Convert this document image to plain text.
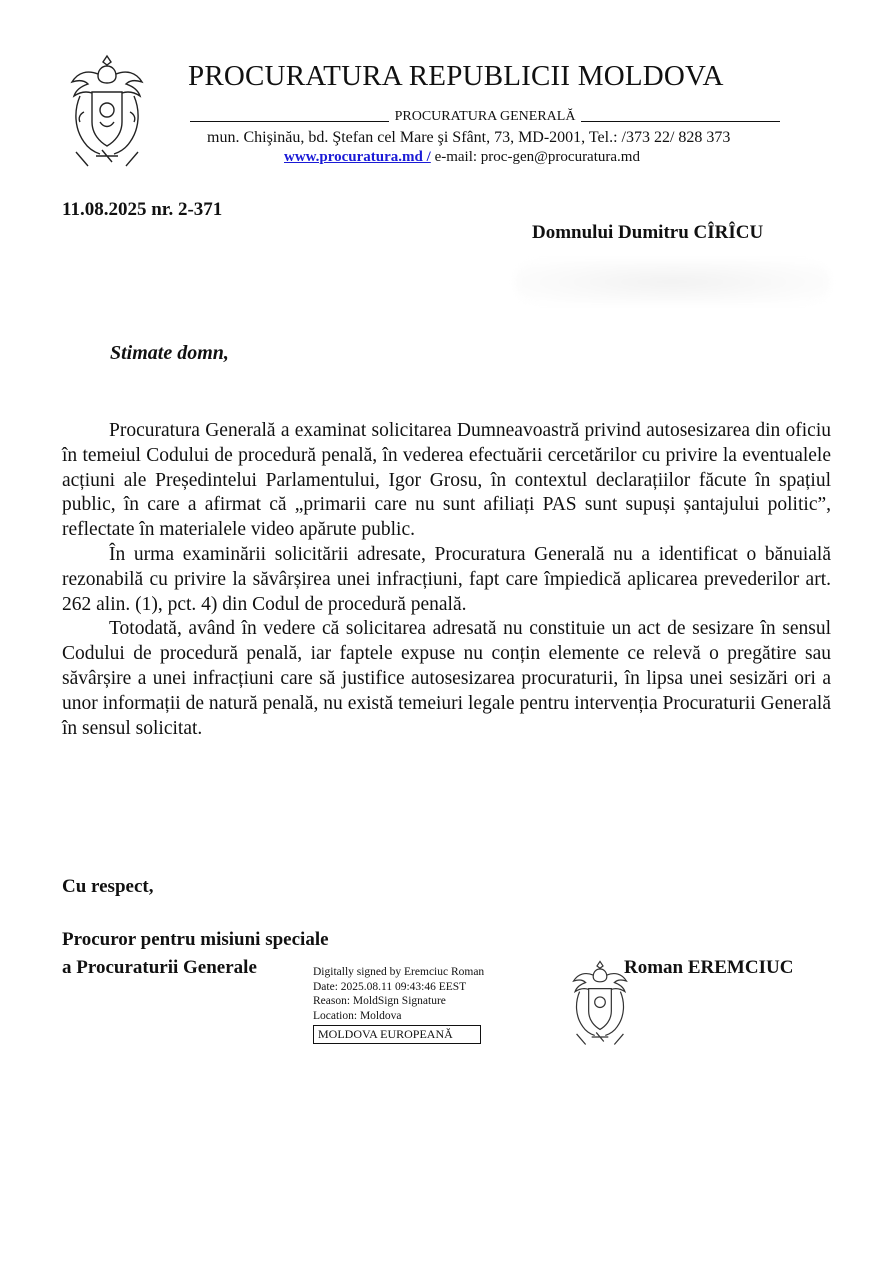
PROCURATURA REPUBLICII MOLDOVA
PROCURATURA GENERALĂ
mun. Chişinău, bd. Ştefan cel Mare şi Sfânt, 73, MD-2001, Tel.: /373 22/ 828 373
www.procuratura.md / e-mail: proc-gen@procuratura.md
11.08.2025 nr. 2-371
Domnului Dumitru CÎRÎCU
Stimate domn,

Procuratura Generală a examinat solicitarea Dumneavoastră privind autosesizarea din oficiu în temeiul Codului de procedură penală, în vederea efectuării cercetărilor cu privire la eventualele acțiuni ale Președintelui Parlamentului, Igor Grosu, în contextul declarațiilor făcute în spațiul public, în care a afirmat că „primarii care nu sunt afiliați PAS sunt supuși șantajului politic”, reflectate în materialele video apărute public.

În urma examinării solicitării adresate, Procuratura Generală nu a identificat o bănuială rezonabilă cu privire la săvârșirea unei infracțiuni, fapt care împiedică aplicarea prevederilor art. 262 alin. (1), pct. 4) din Codul de procedură penală.

Totodată, având în vedere că solicitarea adresată nu constituie un act de sesizare în sensul Codului de procedură penală, iar faptele expuse nu conțin elemente ce relevă o pregătire sau săvârșire a unei infracțiuni care să justifice autosesizarea procuraturii, în lipsa unei sesizări ori a unor informații de natură penală, nu există temeiuri legale pentru intervenția Procuraturii Generală în sensul solicitat.

Cu respect,
Procuror pentru misiuni speciale
a Procuraturii Generale	Digitally signed by Eremciuc Roman
Date: 2025.08.11 09:43:46 EEST
Reason: MoldSign Signature
Location: Moldova
MOLDOVA EUROPEANĂ
Roman EREMCIUC
